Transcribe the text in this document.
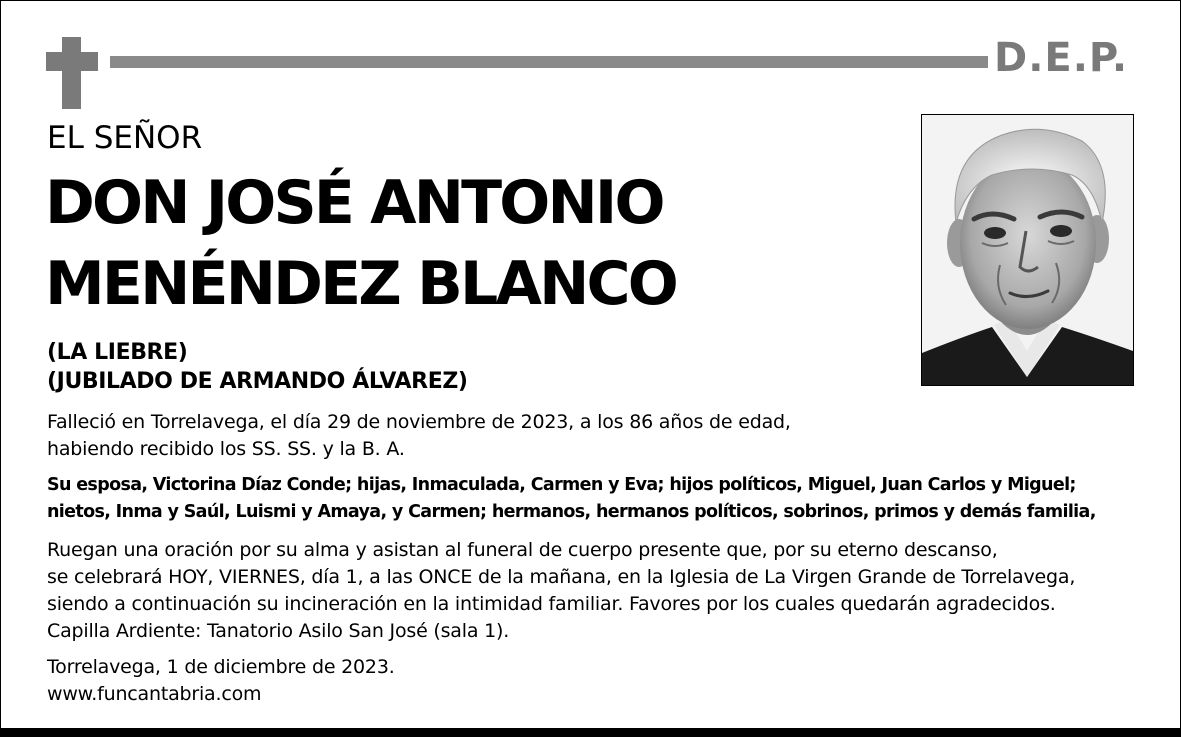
D.E.P.
EL SEÑOR
DON JOSÉ ANTONIO
MENÉNDEZ BLANCO
(LA LIEBRE)
(JUBILADO DE ARMANDO ÁLVAREZ)
Falleció en Torrelavega, el día 29 de noviembre de 2023, a los 86 años de edad,
habiendo recibido los SS. SS. y la B. A.
Su esposa, Victorina Díaz Conde; hijas, Inmaculada, Carmen y Eva; hijos políticos, Miguel, Juan Carlos y Miguel;
nietos, Inma y Saúl, Luismi y Amaya, y Carmen; hermanos, hermanos políticos, sobrinos, primos y demás familia,
Ruegan una oración por su alma y asistan al funeral de cuerpo presente que, por su eterno descanso,
se celebrará HOY, VIERNES, día 1, a las ONCE de la mañana, en la Iglesia de La Virgen Grande de Torrelavega,
siendo a continuación su incineración en la intimidad familiar. Favores por los cuales quedarán agradecidos.
Capilla Ardiente: Tanatorio Asilo San José (sala 1).
Torrelavega, 1 de diciembre de 2023.
www.funcantabria.com
